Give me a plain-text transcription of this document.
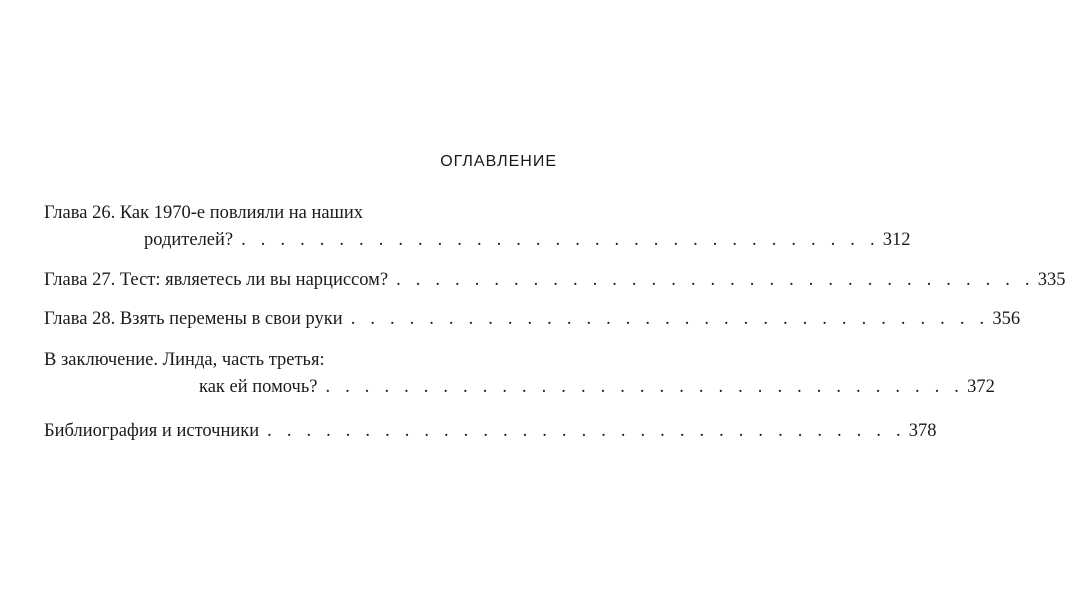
ОГЛАВЛЕНИЕ
Глава 26. Как 1970-е повлияли на наших
родителей? . . . . . . . . . . . . . . . . . . . . . . . . . . . . . . . . . 312
Глава 27. Тест: являетесь ли вы нарциссом? . . . . . . . . . . . . . . . . . . . . . . . . . . . . . . . . . 335
Глава 28. Взять перемены в свои руки . . . . . . . . . . . . . . . . . . . . . . . . . . . . . . . . . 356
В заключение. Линда, часть третья:
как ей помочь? . . . . . . . . . . . . . . . . . . . . . . . . . . . . . . . . . 372
Библиография и источники . . . . . . . . . . . . . . . . . . . . . . . . . . . . . . . . . 378
